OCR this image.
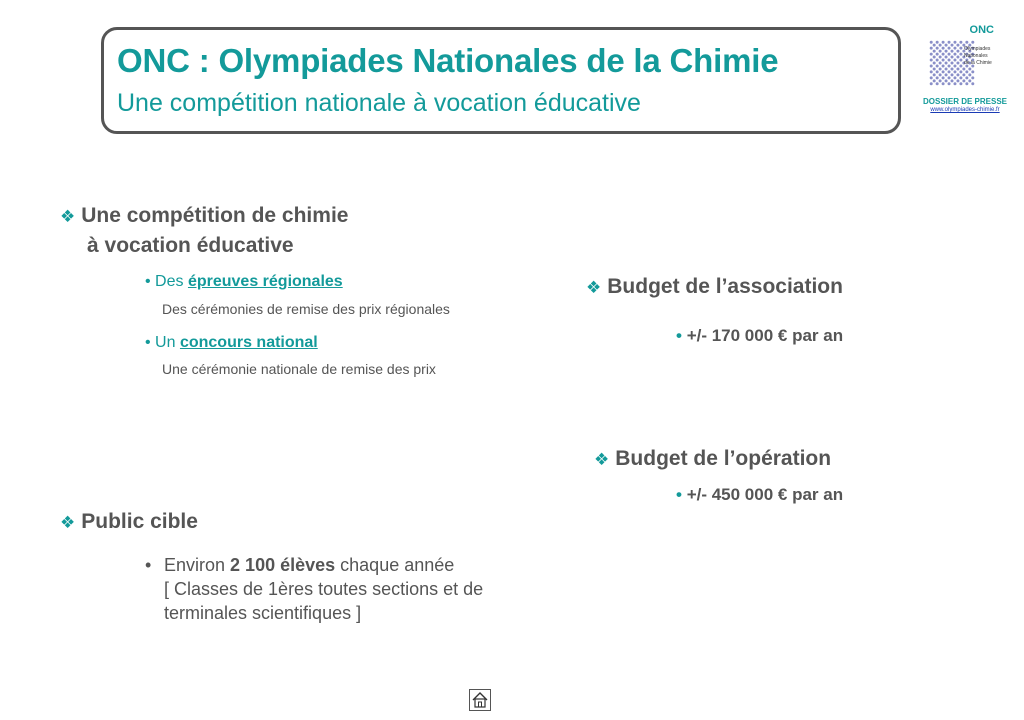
ONC : Olympiades Nationales de la Chimie
Une compétition nationale à vocation éducative
ONC
Olympiades
Nationales
de la Chimie
DOSSIER DE PRESSE
www.olympiades-chimie.fr
❖ Une compétition de chimie
à vocation éducative
• Des épreuves régionales
Des cérémonies de remise des prix régionales
• Un concours national
Une cérémonie nationale de remise des prix
❖ Budget de l’association
• +/- 170 000 € par an
❖ Budget de l’opération
• +/- 450 000 € par an
❖ Public cible
• Environ 2 100 élèves chaque année
[ Classes de 1ères toutes sections et de
terminales scientifiques ]
